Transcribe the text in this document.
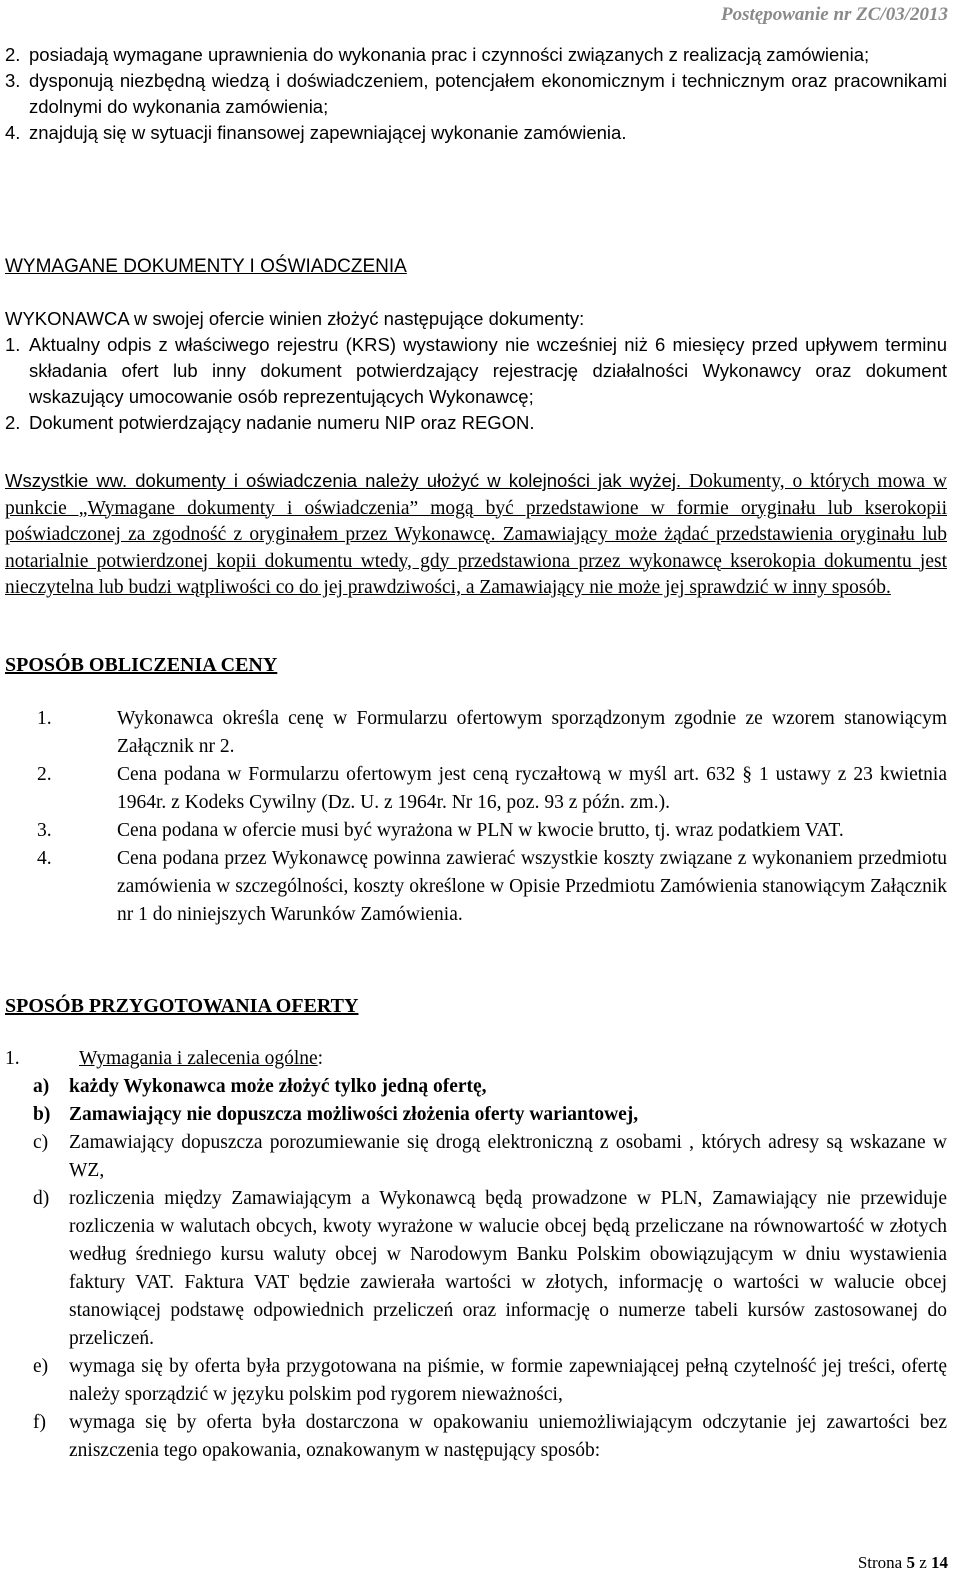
Postępowanie nr ZC/03/2013
2. posiadają wymagane uprawnienia do wykonania prac i czynności związanych z realizacją zamówienia;
3. dysponują niezbędną wiedzą i doświadczeniem, potencjałem ekonomicznym i technicznym oraz pracownikami zdolnymi do wykonania zamówienia;
4. znajdują się w sytuacji finansowej zapewniającej wykonanie zamówienia.
WYMAGANE DOKUMENTY I OŚWIADCZENIA
WYKONAWCA w swojej ofercie winien złożyć następujące dokumenty:
1. Aktualny odpis z właściwego rejestru (KRS) wystawiony nie wcześniej niż 6 miesięcy przed upływem terminu składania ofert lub inny dokument potwierdzający rejestrację działalności Wykonawcy oraz dokument wskazujący umocowanie osób reprezentujących Wykonawcę;
2. Dokument potwierdzający nadanie numeru NIP oraz REGON.
Wszystkie ww. dokumenty i oświadczenia należy ułożyć w kolejności jak wyżej. Dokumenty, o których mowa w punkcie „Wymagane dokumenty i oświadczenia” mogą być przedstawione w formie oryginału lub kserokopii poświadczonej za zgodność z oryginałem przez Wykonawcę. Zamawiający może żądać przedstawienia oryginału lub notarialnie potwierdzonej kopii dokumentu wtedy, gdy przedstawiona przez wykonawcę kserokopia dokumentu jest nieczytelna lub budzi wątpliwości co do jej prawdziwości, a Zamawiający nie może jej sprawdzić w inny sposób.
SPOSÓB OBLICZENIA CENY
1.	Wykonawca określa cenę w Formularzu ofertowym sporządzonym zgodnie ze wzorem stanowiącym Załącznik nr 2.
2.	Cena podana w Formularzu ofertowym jest ceną ryczałtową w myśl art. 632 § 1 ustawy z 23 kwietnia 1964r. z Kodeks Cywilny (Dz. U. z 1964r. Nr 16, poz. 93 z późn. zm.).
3.	Cena podana w ofercie musi być wyrażona w PLN w kwocie brutto, tj. wraz podatkiem VAT.
4.	Cena podana przez Wykonawcę powinna zawierać wszystkie koszty związane z wykonaniem przedmiotu zamówienia w szczególności, koszty określone w Opisie Przedmiotu Zamówienia stanowiącym Załącznik nr 1 do niniejszych Warunków Zamówienia.
SPOSÓB PRZYGOTOWANIA OFERTY
1.	Wymagania i zalecenia ogólne:
a)	każdy Wykonawca może złożyć tylko jedną ofertę,
b) Zamawiający nie dopuszcza możliwości złożenia oferty wariantowej,
c)	Zamawiający dopuszcza porozumiewanie się drogą elektroniczną z osobami , których adresy są wskazane w WZ,
d)	rozliczenia między Zamawiającym a Wykonawcą będą prowadzone w PLN, Zamawiający nie przewiduje rozliczenia w walutach obcych, kwoty wyrażone w walucie obcej będą przeliczane na równowartość w złotych według średniego kursu waluty obcej w Narodowym Banku Polskim obowiązującym w dniu wystawienia faktury VAT. Faktura VAT będzie zawierała wartości w złotych, informację o wartości w walucie obcej stanowiącej podstawę odpowiednich przeliczeń oraz informację o numerze tabeli kursów zastosowanej do przeliczeń.
e)	wymaga się by oferta była przygotowana na piśmie, w formie zapewniającej pełną czytelność jej treści, ofertę należy sporządzić w języku polskim pod rygorem nieważności,
f)	wymaga się by oferta była dostarczona w opakowaniu uniemożliwiającym odczytanie jej zawartości bez zniszczenia tego opakowania, oznakowanym w następujący sposób:
Strona 5 z 14
